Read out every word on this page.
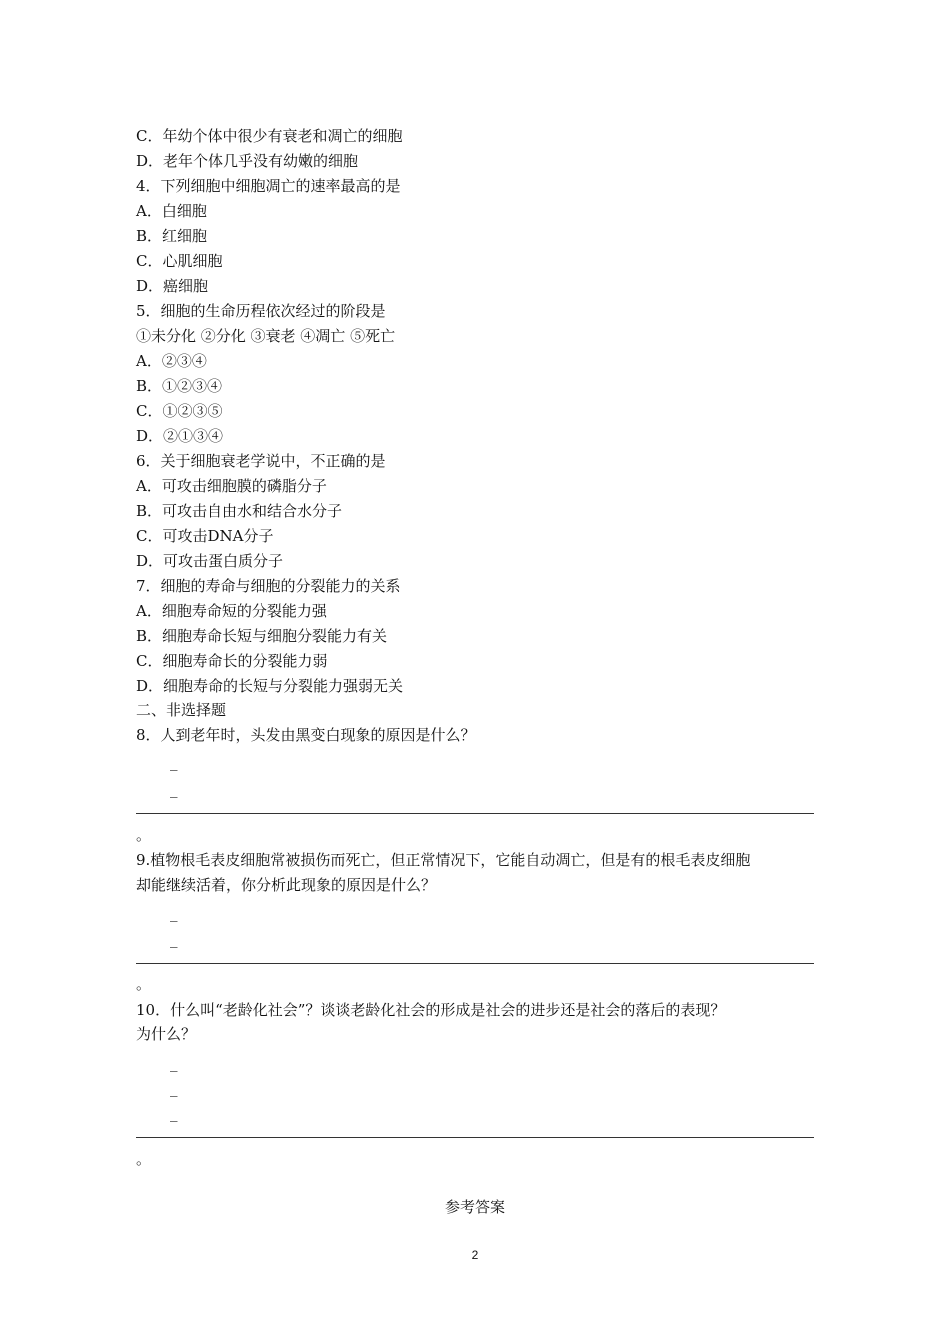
C．年幼个体中很少有衰老和凋亡的细胞
D．老年个体几乎没有幼嫩的细胞
4．下列细胞中细胞凋亡的速率最高的是
A．白细胞
B．红细胞
C．心肌细胞
D．癌细胞
5．细胞的生命历程依次经过的阶段是
①未分化 ②分化 ③衰老 ④凋亡 ⑤死亡
A．②③④
B．①②③④
C．①②③⑤
D．②①③④
6．关于细胞衰老学说中，不正确的是
A．可攻击细胞膜的磷脂分子
B．可攻击自由水和结合水分子
C．可攻击DNA分子
D．可攻击蛋白质分子
7．细胞的寿命与细胞的分裂能力的关系
A．细胞寿命短的分裂能力强
B．细胞寿命长短与细胞分裂能力有关
C．细胞寿命长的分裂能力弱
D．细胞寿命的长短与分裂能力强弱无关
二、非选择题
8．人到老年时，头发由黑变白现象的原因是什么？
_
_
。
9.植物根毛表皮细胞常被损伤而死亡，但正常情况下，它能自动凋亡，但是有的根毛表皮细胞
却能继续活着，你分析此现象的原因是什么？
_
_
。
10．什么叫“老龄化社会”？谈谈老龄化社会的形成是社会的进步还是社会的落后的表现？
为什么？
_
_
_
。
参考答案
2
